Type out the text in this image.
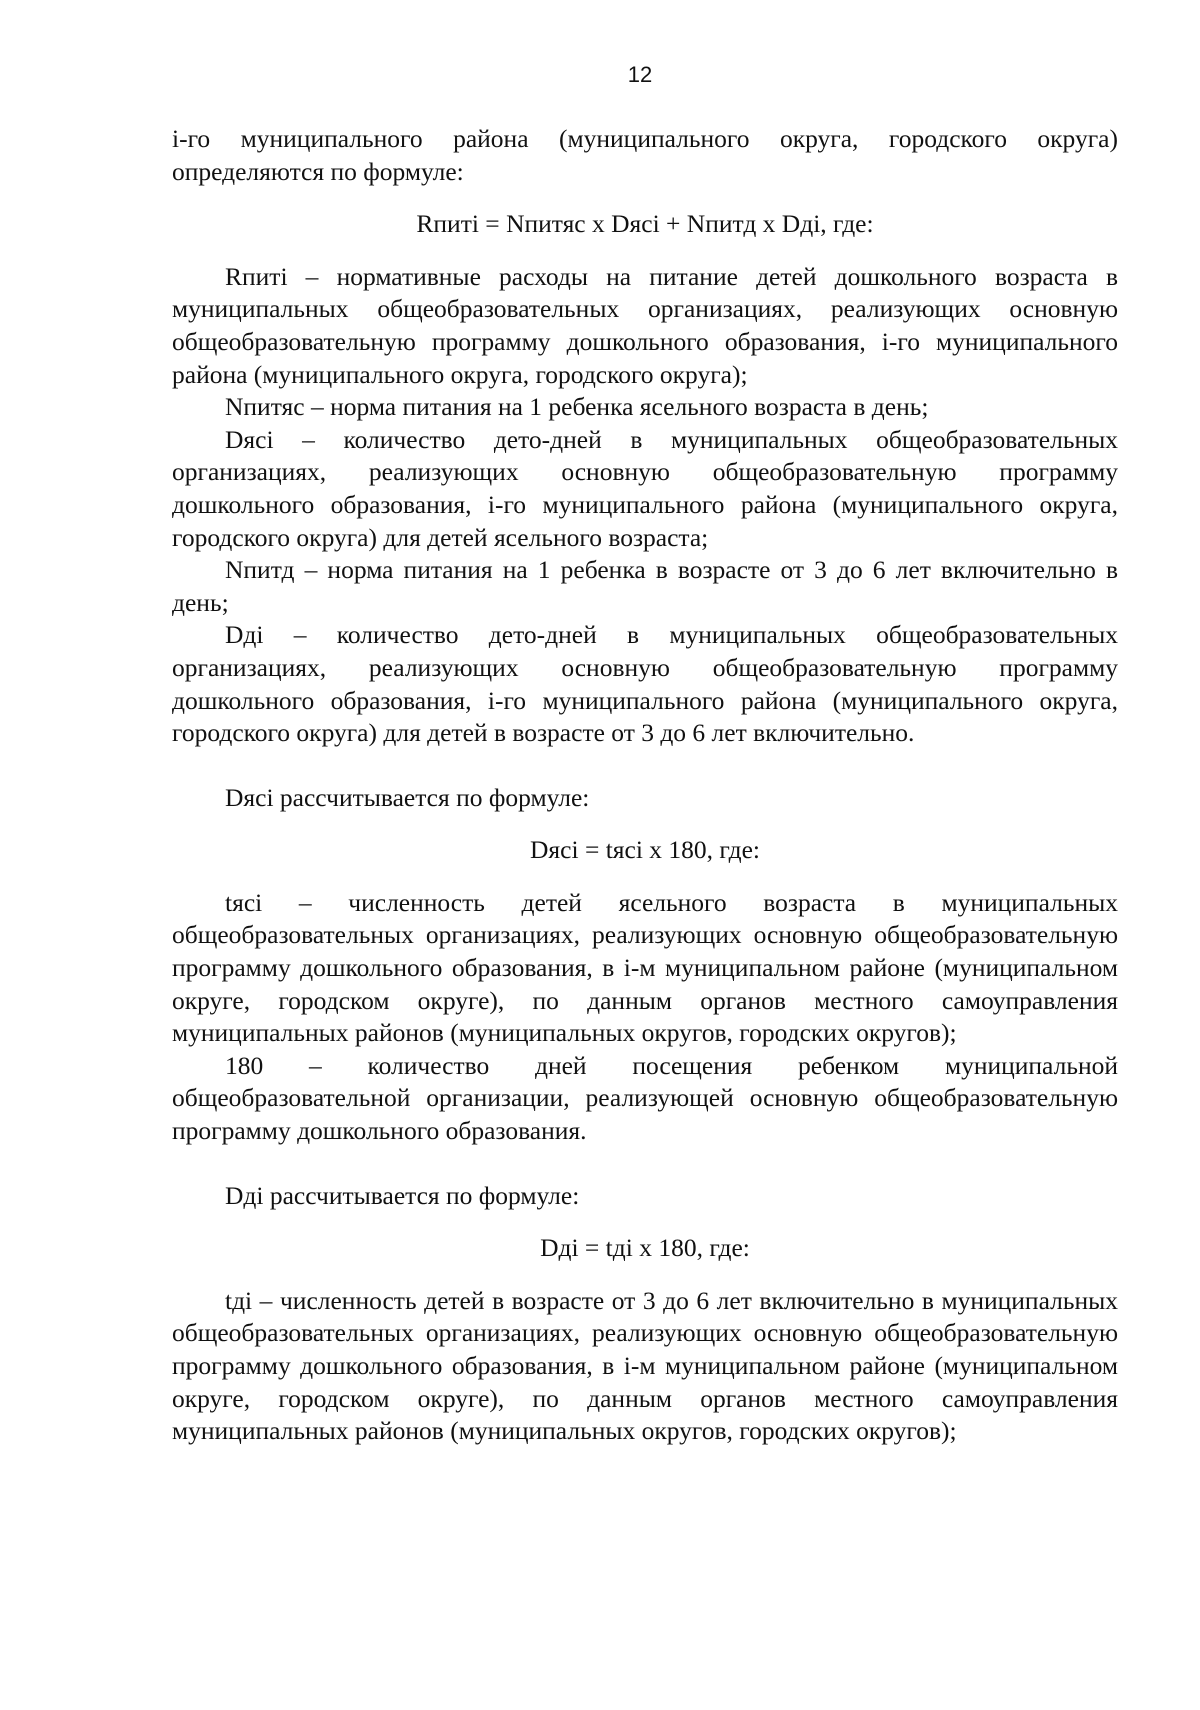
12

i-го муниципального района (муниципального округа, городского округа) определяются по формуле:

Rпитi = Nпитяс x Dясi + Nпитд x Dдi, где:

Rпитi – нормативные расходы на питание детей дошкольного возраста в муниципальных общеобразовательных организациях, реализующих основную общеобразовательную программу дошкольного образования, i-го муниципального района (муниципального округа, городского округа);

Nпитяс – норма питания на 1 ребенка ясельного возраста в день;

Dясi – количество дето-дней в муниципальных общеобразовательных организациях, реализующих основную общеобразовательную программу дошкольного образования, i-го муниципального района (муниципального округа, городского округа) для детей ясельного возраста;

Nпитд – норма питания на 1 ребенка в возрасте от 3 до 6 лет включительно в день;

Dдi – количество дето-дней в муниципальных общеобразовательных организациях, реализующих основную общеобразовательную программу дошкольного образования, i-го муниципального района (муниципального округа, городского округа) для детей в возрасте от 3 до 6 лет включительно.

Dясi рассчитывается по формуле:

Dясi = tясi x 180, где:

tясi – численность детей ясельного возраста в муниципальных общеобразовательных организациях, реализующих основную общеобразовательную программу дошкольного образования, в i-м муниципальном районе (муниципальном округе, городском округе), по данным органов местного самоуправления муниципальных районов (муниципальных округов, городских округов);

180 – количество дней посещения ребенком муниципальной общеобразовательной организации, реализующей основную общеобразовательную программу дошкольного образования.

Dдi рассчитывается по формуле:

Dдi = tдi x 180, где:

tдi – численность детей в возрасте от 3 до 6 лет включительно в муниципальных общеобразовательных организациях, реализующих основную общеобразовательную программу дошкольного образования, в i-м муниципальном районе (муниципальном округе, городском округе), по данным органов местного самоуправления муниципальных районов (муниципальных округов, городских округов);
